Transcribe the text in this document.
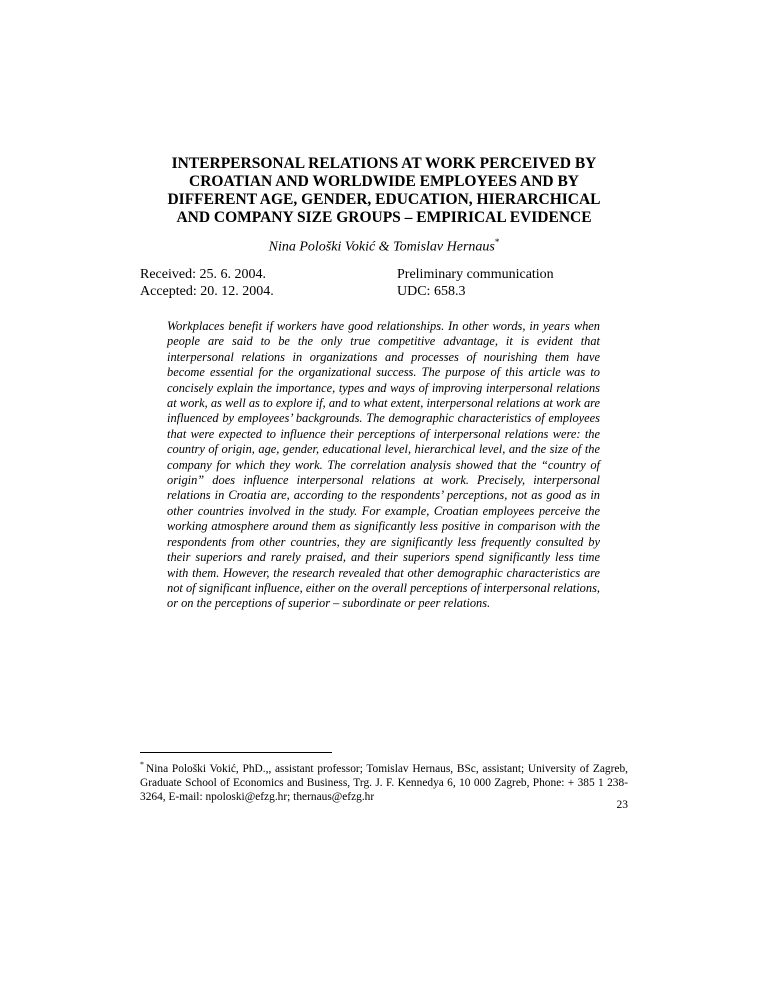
INTERPERSONAL RELATIONS AT WORK PERCEIVED BY
CROATIAN AND WORLDWIDE EMPLOYEES AND BY
DIFFERENT AGE, GENDER, EDUCATION, HIERARCHICAL
AND COMPANY SIZE GROUPS – EMPIRICAL EVIDENCE
Nina Pološki Vokić & Tomislav Hernaus*
Received: 25. 6. 2004.
Accepted: 20. 12. 2004.
Preliminary communication
UDC: 658.3

Workplaces benefit if workers have good relationships. In other words, in years when people are said to be the only true competitive advantage, it is evident that interpersonal relations in organizations and processes of nourishing them have become essential for the organizational success. The purpose of this article was to concisely explain the importance, types and ways of improving interpersonal relations at work, as well as to explore if, and to what extent, interpersonal relations at work are influenced by employees’ backgrounds. The demographic characteristics of employees that were expected to influence their perceptions of interpersonal relations were: the country of origin, age, gender, educational level, hierarchical level, and the size of the company for which they work. The correlation analysis showed that the “country of origin” does influence interpersonal relations at work. Precisely, interpersonal relations in Croatia are, according to the respondents’ perceptions, not as good as in other countries involved in the study. For example, Croatian employees perceive the working atmosphere around them as significantly less positive in comparison with the respondents from other countries, they are significantly less frequently consulted by their superiors and rarely praised, and their superiors spend significantly less time with them. However, the research revealed that other demographic characteristics are not of significant influence, either on the overall perceptions of interpersonal relations, or on the perceptions of superior – subordinate or peer relations.

* Nina Pološki Vokić, PhD.,, assistant professor; Tomislav Hernaus, BSc, assistant; University of Zagreb, Graduate School of Economics and Business, Trg. J. F. Kennedya 6, 10 000 Zagreb, Phone: + 385 1 238-3264, E-mail: npoloski@efzg.hr; thernaus@efzg.hr

23
